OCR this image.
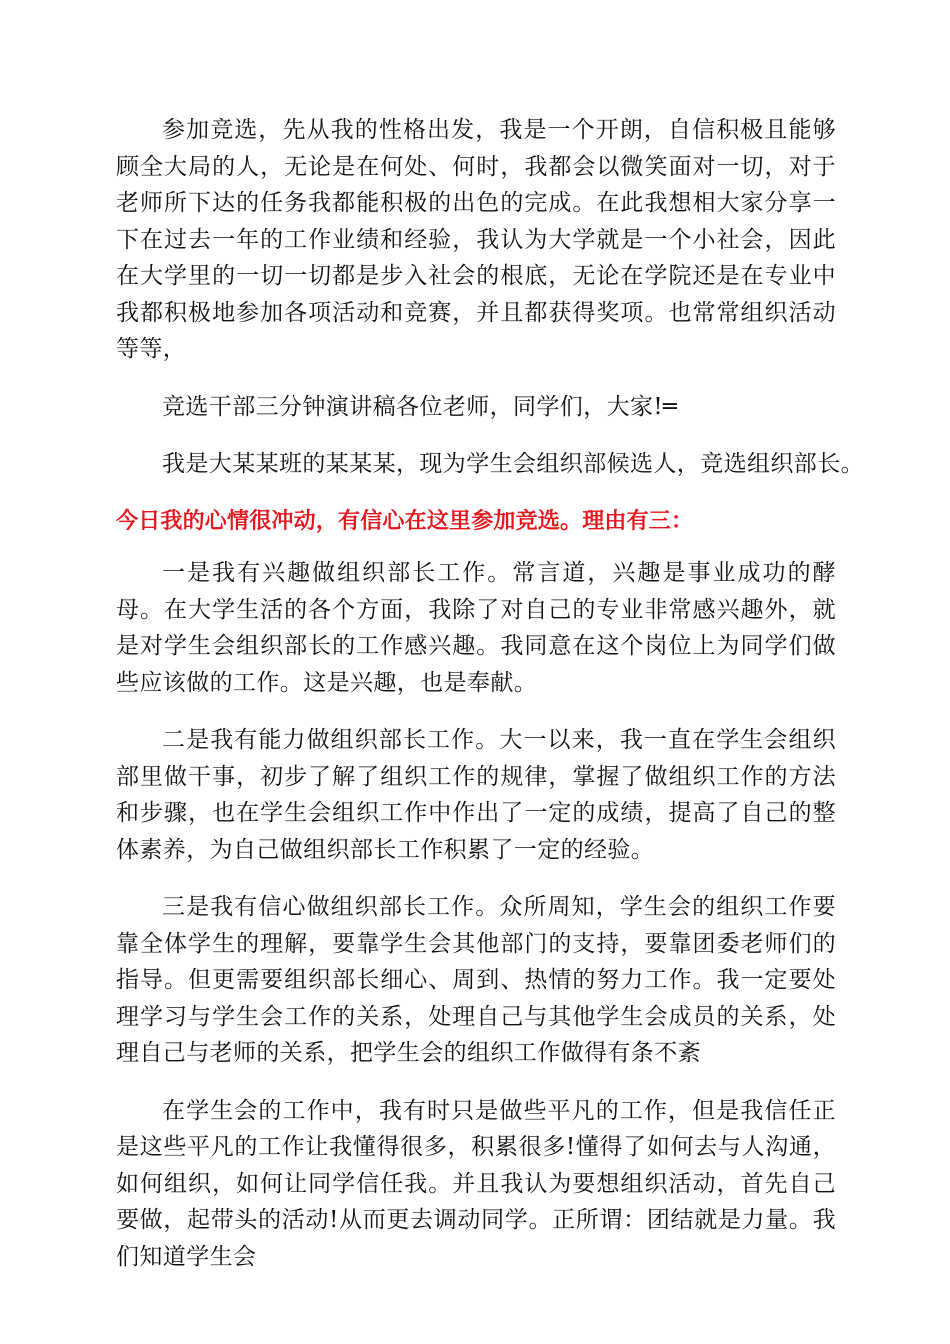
参加竞选，先从我的性格出发，我是一个开朗，自信积极且能够顾全大局的人，无论是在何处、何时，我都会以微笑面对一切，对于老师所下达的任务我都能积极的出色的完成。在此我想相大家分享一下在过去一年的工作业绩和经验，我认为大学就是一个小社会，因此在大学里的一切一切都是步入社会的根底，无论在学院还是在专业中我都积极地参加各项活动和竞赛，并且都获得奖项。也常常组织活动等等，

竞选干部三分钟演讲稿各位老师，同学们，大家!═

我是大某某班的某某某，现为学生会组织部候选人，竞选组织部长。

今日我的心情很冲动，有信心在这里参加竞选。理由有三：

一是我有兴趣做组织部长工作。常言道，兴趣是事业成功的酵母。在大学生活的各个方面，我除了对自己的专业非常感兴趣外，就是对学生会组织部长的工作感兴趣。我同意在这个岗位上为同学们做些应该做的工作。这是兴趣，也是奉献。

二是我有能力做组织部长工作。大一以来，我一直在学生会组织部里做干事，初步了解了组织工作的规律，掌握了做组织工作的方法和步骤，也在学生会组织工作中作出了一定的成绩，提高了自己的整体素养，为自己做组织部长工作积累了一定的经验。

三是我有信心做组织部长工作。众所周知，学生会的组织工作要靠全体学生的理解，要靠学生会其他部门的支持，要靠团委老师们的指导。但更需要组织部长细心、周到、热情的努力工作。我一定要处理学习与学生会工作的关系，处理自己与其他学生会成员的关系，处理自己与老师的关系，把学生会的组织工作做得有条不紊

在学生会的工作中，我有时只是做些平凡的工作，但是我信任正是这些平凡的工作让我懂得很多，积累很多!懂得了如何去与人沟通，如何组织，如何让同学信任我。并且我认为要想组织活动，首先自己要做，起带头的活动!从而更去调动同学。正所谓：团结就是力量。我们知道学生会
